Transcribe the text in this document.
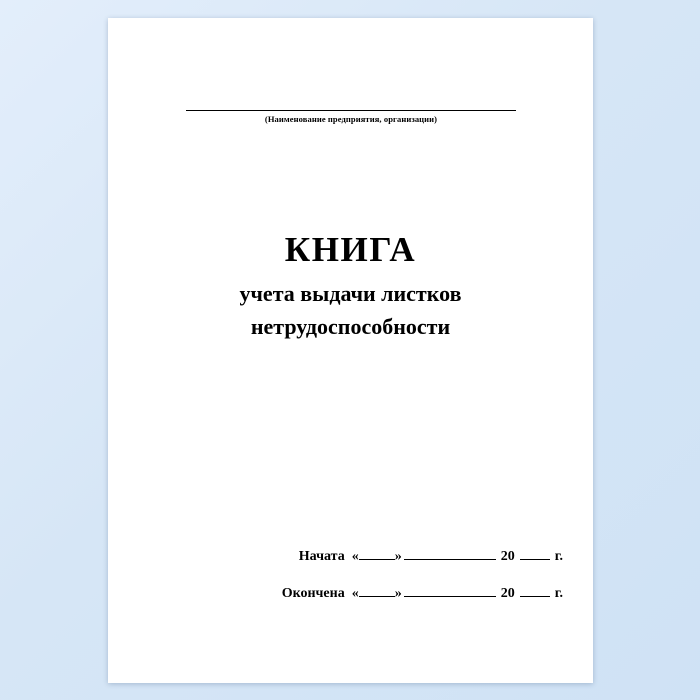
(Наименование предприятия, организации)
КНИГА
учета выдачи листков
нетрудоспособности
Начата «	»	20	г.
Окончена «	»	20	г.
